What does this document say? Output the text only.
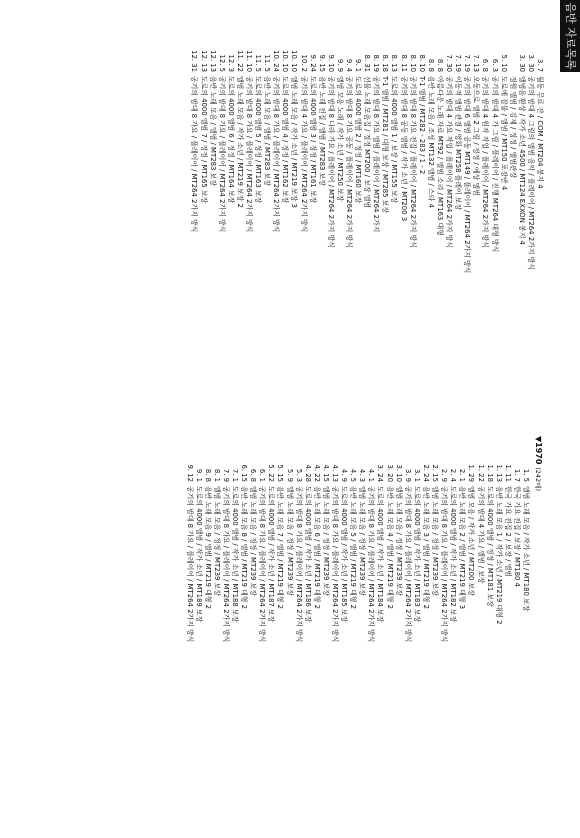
음반 자료목록
3. 7
월동 무료 잔 / COM / MT204 봉지 4
3. 30
공기의 밤대 4 그림의 앨범 음악 / 플레이어 / MT264 2가지 방식
3. 30
앨범음 환상 / 작가 소년 4500 / MT124 EXXON 봉지 4
정원 앨범 / 김제 / 정정 / 앨범관장
5. 10
도로에 잡물 / 앨범 / MT150 포장반 4
6. 3
공기의 밤대 4 가 그림 / 플레이어 / 진행 MT264 대형 방식
6. 8
공기의 밤대 4 원작 작업 / 플레이어 / MT264 2가지 방식
7. 13
오동으로 앨범 2 그림 / 정정 / 예상 앨범
7. 19
공기의 밤대 6 앨범 공동 MT149 / 플레이어 / MT264 2가지 방식
7. 19
이동적 앨범 관점 / 영화 MT258 플레이 보장
7. 30
공기의 밤대 4 가요 작업 / 플레이어 / MT264 2가지 방식
8. 8
아름다운 노래 자료 MT92 / 앨범 소리 / MT163 대형
8. 8
음반 노래 모음 / 조성 MT132 앨범 / 스타 4
8. 10
T-1 앨범 / MT282 - 283 / 1 - 2
8. 10
공기의 밤대 8 가요 전집 / 플레이어 / MT264 2가지 방식
8. 11
공기의 밤대 8 공동 앨범 / 작가 소년 / MT200 3
8. 13
도로의 4000 앨범 1 / 보장 / MT155 보장
8. 18
T-1 앨범 / MT281 / 대형 보장 / MT285 보장
8. 19
공기의 밤대 8 가요 앨범 / 플레이어 / MT264 2가지
8. 31
선물 노래 모음집 / 정정 MT200 / 보장 앨범
9. 1
도로의 4000 앨범 2 / 정정 / MT160 보장
9. 4
공기의 밤대 8 가요 공동 / 플레이어 / MT264 2가지 방식
9. 9
앨범 모음 노래 / 작가 소년 / MT250 보장
9. 10
공기의 밤대 8 나라 가요 / 플레이어 / MT264 2가지 방식
9. 15
음반 노래 전집 / 앨범 / MT283 보장
9. 24
도로의 4000 앨범 3 / 정정 / MT161 보장
10. 2
공기의 밤대 4 가요 / 플레이어 / MT264 2가지 방식
10. 10
앨범 노래 모음 / 작가 소년 / MT219 보장 3
10. 10
도로의 4000 앨범 4 / 정정 / MT162 보장
10. 24
공기의 밤대 8 가요 / 플레이어 / MT264 2가지 방식
11. 5
음반 노래 모음 / 앨범 / MT283 보장
11. 5
도로의 4000 앨범 5 / 정정 / MT163 보장
11. 10
공기의 밤대 8 가요 / 플레이어 / MT264 2가지 방식
11. 22
앨범 노래 모음 / 작가 소년 / MT219 보장 2
12. 3
도로의 4000 앨범 6 / 정정 / MT164 보장
12. 5
공기의 밤대 8 가요 / 플레이어 / MT264 2가지 방식
12. 13
음반 노래 모음 / 앨범 / MT283 보장
12. 13
도로의 4000 앨범 7 / 정정 / MT165 보장
12. 31
공기의 밤대 8 가요 / 플레이어 / MT264 2가지 방식
▼1970 (242매)
1. 5
앨범 노래 모음 / 작가 소년 / MT180 보장
1. 7
한국 가요 전집 / 보장 / MT180 4
1. 11
한국 가요 전집 2 / 보장 / 앨범
1. 13
음반 노래 모음 1 / 작가 소년 / MT219 대형 2
1. 18
도로의 4000 앨범 / 정정 / MT181 보장
1. 22
공기의 밤대 4 가요 / 앨범 / 보장
1. 29
앨범 모음 / 작가 소년 / MT200 보장
2. 1
음반 노래 모음 2 / 앨범 / MT219 대형 3
2. 4
도로의 4000 앨범 / 작가 소년 / MT182 보장
2. 9
공기의 밤대 8 가요 / 플레이어 / MT264 2가지 방식
2. 15
앨범 노래 모음 / 정정 / MT239 보장
2. 24
음반 노래 모음 3 / 앨범 / MT219 대형 2
3. 1
도로의 4000 앨범 / 작가 소년 / MT183 보장
3. 9
공기의 밤대 8 가요 / 플레이어 / MT264 2가지 방식
3. 10
앨범 노래 모음 / 정정 / MT239 보장
3. 20
음반 노래 모음 4 / 앨범 / MT219 대형 2
3. 24
도로의 4000 앨범 / 작가 소년 / MT184 보장
4. 1
공기의 밤대 8 가요 / 플레이어 / MT264 2가지 방식
4. 3
앨범 노래 모음 / 정정 / MT239 보장
4. 5
음반 노래 모음 5 / 앨범 / MT219 대형 2
4. 9
도로의 4000 앨범 / 작가 소년 / MT185 보장
4. 13
공기의 밤대 8 가요 / 플레이어 / MT264 2가지 방식
4. 15
앨범 노래 모음 / 정정 / MT239 보장
4. 22
음반 노래 모음 6 / 앨범 / MT219 대형 2
4. 28
도로의 4000 앨범 / 작가 소년 / MT186 보장
5. 3
공기의 밤대 8 가요 / 플레이어 / MT264 2가지 방식
5. 9
앨범 노래 모음 / 정정 / MT239 보장
5. 15
음반 노래 모음 7 / 앨범 / MT219 대형 2
5. 22
도로의 4000 앨범 / 작가 소년 / MT187 보장
6. 1
공기의 밤대 8 가요 / 플레이어 / MT264 2가지 방식
6. 8
앨범 노래 모음 / 정정 / MT239 보장
6. 15
음반 노래 모음 8 / 앨범 / MT219 대형 2
7. 1
도로의 4000 앨범 / 작가 소년 / MT188 보장
7. 9
공기의 밤대 8 가요 / 플레이어 / MT264 2가지 방식
8. 1
앨범 노래 모음 / 정정 / MT239 보장
8. 8
음반 노래 모음 9 / 앨범 / MT219 대형 2
9. 1
도로의 4000 앨범 / 작가 소년 / MT189 보장
9. 12
공기의 밤대 8 가요 / 플레이어 / MT264 2가지 방식
